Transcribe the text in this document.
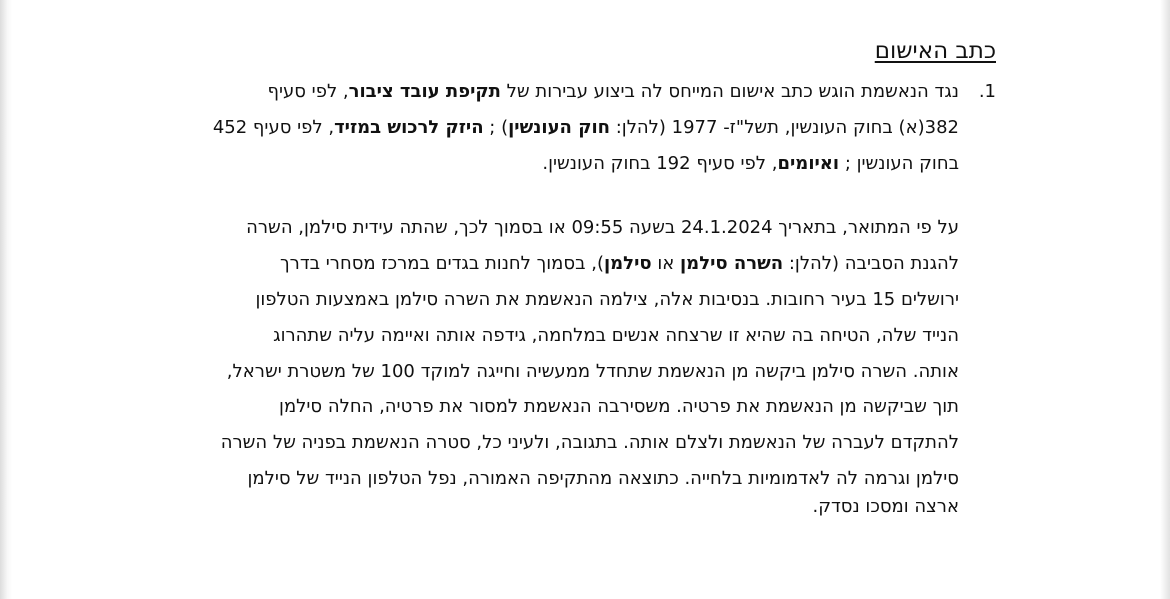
כתב האישום
.1
נגד הנאשמת הוגש כתב אישום המייחס לה ביצוע עבירות של תקיפת עובד ציבור, לפי סעיף
382(א) בחוק העונשין, תשל"ז- 1977 (להלן: חוק העונשין) ; היזק לרכוש במזיד, לפי סעיף 452
בחוק העונשין ; ואיומים, לפי סעיף 192 בחוק העונשין.
על פי המתואר, בתאריך 24.1.2024 בשעה 09:55 או בסמוך לכך, שהתה עידית סילמן, השרה
להגנת הסביבה (להלן: השרה סילמן או סילמן), בסמוך לחנות בגדים במרכז מסחרי בדרך
ירושלים 15 בעיר רחובות. בנסיבות אלה, צילמה הנאשמת את השרה סילמן באמצעות הטלפון
הנייד שלה, הטיחה בה שהיא זו שרצחה אנשים במלחמה, גידפה אותה ואיימה עליה שתהרוג
אותה. השרה סילמן ביקשה מן הנאשמת שתחדל ממעשיה וחייגה למוקד 100 של משטרת ישראל,
תוך שביקשה מן הנאשמת את פרטיה. משסירבה הנאשמת למסור את פרטיה, החלה סילמן
להתקדם לעברה של הנאשמת ולצלם אותה. בתגובה, ולעיני כל, סטרה הנאשמת בפניה של השרה
סילמן וגרמה לה לאדמומיות בלחייה. כתוצאה מהתקיפה האמורה, נפל הטלפון הנייד של סילמן
ארצה ומסכו נסדק.
